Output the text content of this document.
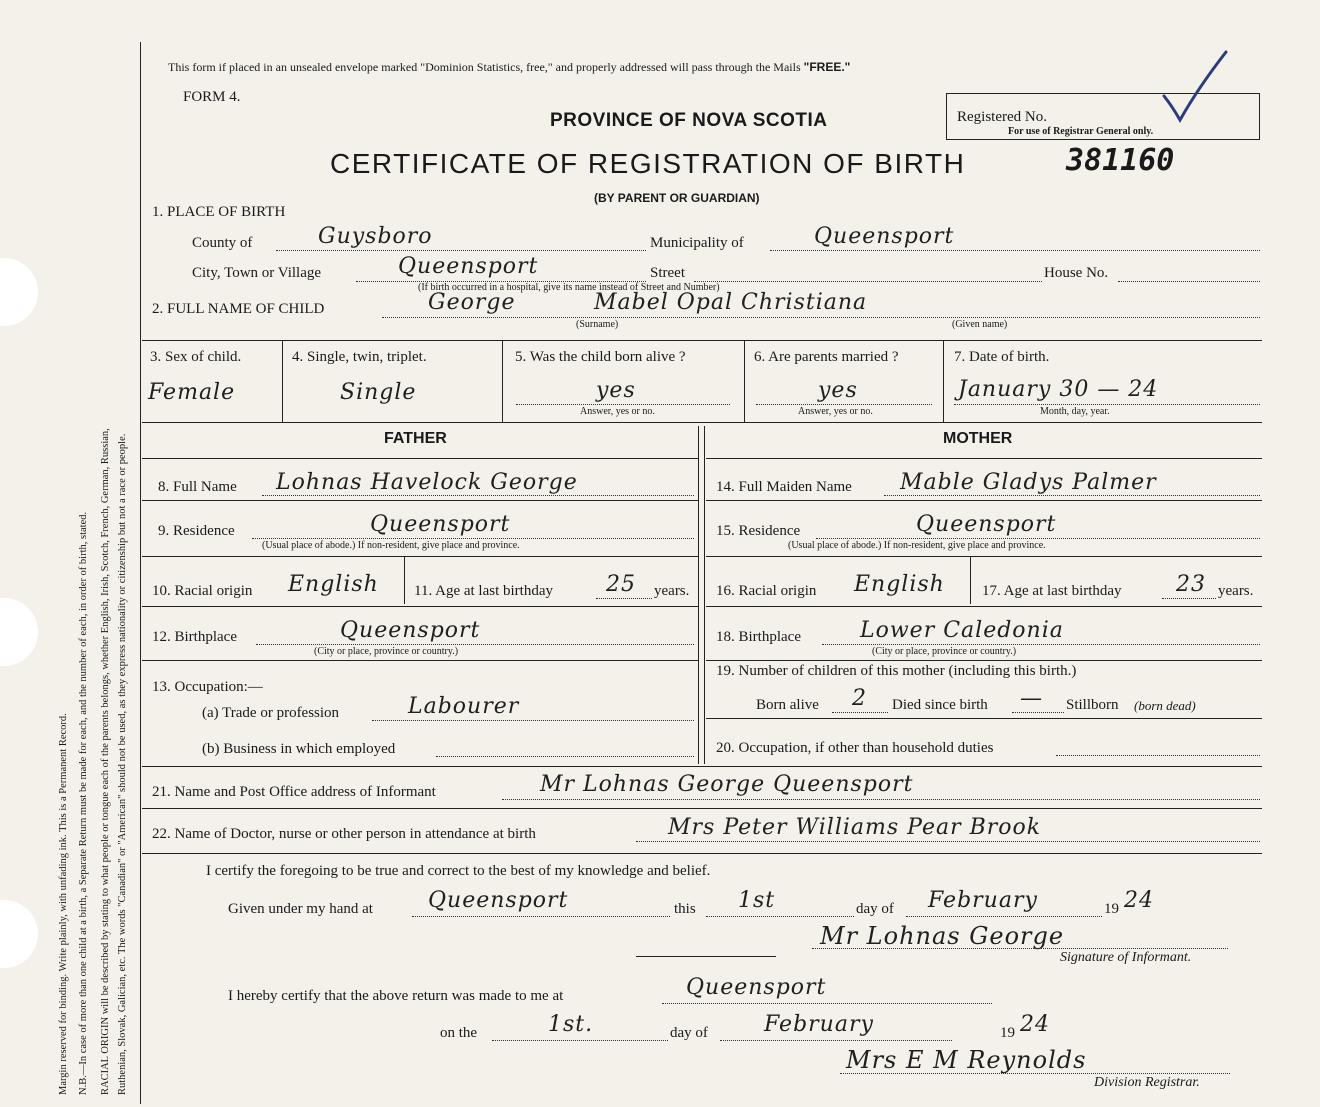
Margin reserved for binding. Write plainly, with unfading ink. This is a Permanent Record. N.B.—In case of more than one child at a birth, a Separate Return must be made for each, and the number of each, in order of birth, stated. RACIAL ORIGIN will be described by stating to what people or tongue each of the parents belongs, whether English, Irish, Scotch, French, German, Russian, Ruthenian, Slovak, Galician, etc. The words "Canadian" or "American" should not be used, as they express nationality or citizenship but not a race or people.
This form if placed in an unsealed envelope marked "Dominion Statistics, free," and properly addressed will pass through the Mails "FREE."
FORM 4.
PROVINCE OF NOVA SCOTIA	Registered No.
For use of Registrar General only.
CERTIFICATE OF REGISTRATION OF BIRTH	381160
(BY PARENT OR GUARDIAN)
1. PLACE OF BIRTH
County of	Guysboro	Municipality of	Queensport
City, Town or Village	Queensport	Street	House No.
(If birth occurred in a hospital, give its name instead of Street and Number)
2. FULL NAME OF CHILD	George	Mabel Opal Christiana
(Surname)	(Given name)
3. Sex of child.
Female
4. Single, twin, triplet.
Single
5. Was the child born alive ?
yes
Answer, yes or no.
6. Are parents married ?
yes
Answer, yes or no.
7. Date of birth.
January 30 — 24
Month, day, year.
FATHER	MOTHER
8. Full Name Lohnas Havelock George
9. Residence	Queensport
(Usual place of abode.) If non-resident, give place and province.
10. Racial origin English 11. Age at last birthday 25 years.
12. Birthplace	Queensport
(City or place, province or country.)
13. Occupation:—
(a) Trade or profession	Labourer
(b) Business in which employed
14. Full Maiden Name Mable Gladys Palmer
15. Residence	Queensport
(Usual place of abode.) If non-resident, give place and province.
16. Racial origin English 17. Age at last birthday 23 years.
18. Birthplace	Lower Caledonia
(City or place, province or country.)
19. Number of children of this mother (including this birth.)
Born alive 2 Died since birth — Stillborn (born dead)
20. Occupation, if other than household duties
21. Name and Post Office address of Informant	Mr Lohnas George Queensport
22. Name of Doctor, nurse or other person in attendance at birth	Mrs Peter Williams Pear Brook
I certify the foregoing to be true and correct to the best of my knowledge and belief.
Given under my hand at	Queensport	this 1st	day of February	19 24
Mr Lohnas George
Signature of Informant.
I hereby certify that the above return was made to me at	Queensport
on the	1st.	day of	February	19 24
Mrs E M Reynolds
Division Registrar.
